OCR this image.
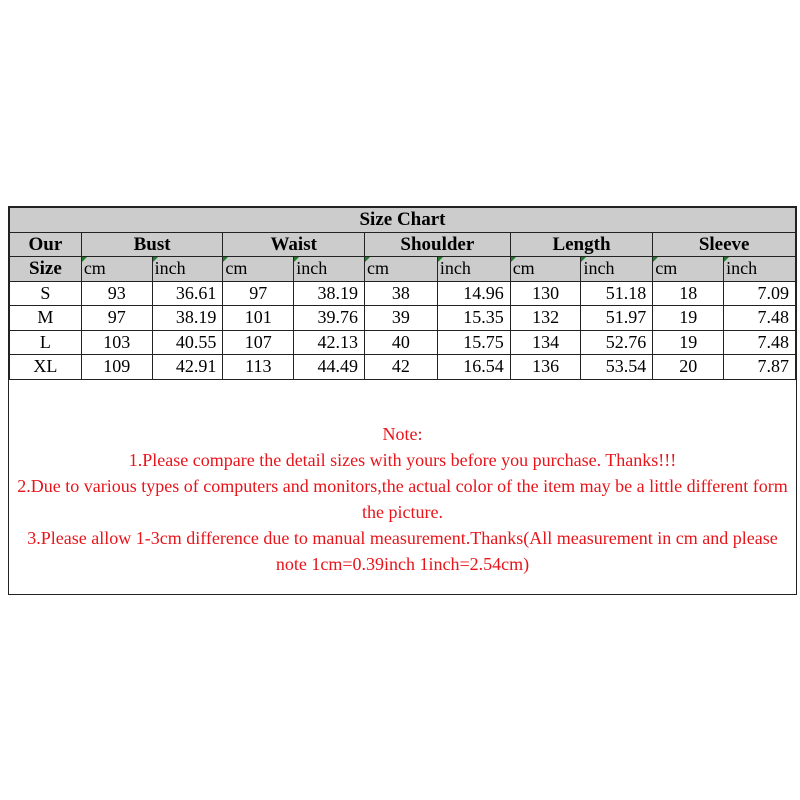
Size Chart										
Our	Bust		Waist		Shoulder		Length		Sleeve	
Size	cm	inch	cm	inch	cm	inch	cm	inch	cm	inch
S	93	36.61	97	38.19	38	14.96	130	51.18	18	7.09
M	97	38.19	101	39.76	39	15.35	132	51.97	19	7.48
L	103	40.55	107	42.13	40	15.75	134	52.76	19	7.48
XL	109	42.91	113	44.49	42	16.54	136	53.54	20	7.87
Note:
1.Please compare the detail sizes with yours before you purchase. Thanks!!!
2.Due to various types of computers and monitors,the actual color of the item may be a little different form the picture.
3.Please allow 1-3cm difference due to manual measurement.Thanks(All measurement in cm and please note 1cm=0.39inch 1inch=2.54cm)
